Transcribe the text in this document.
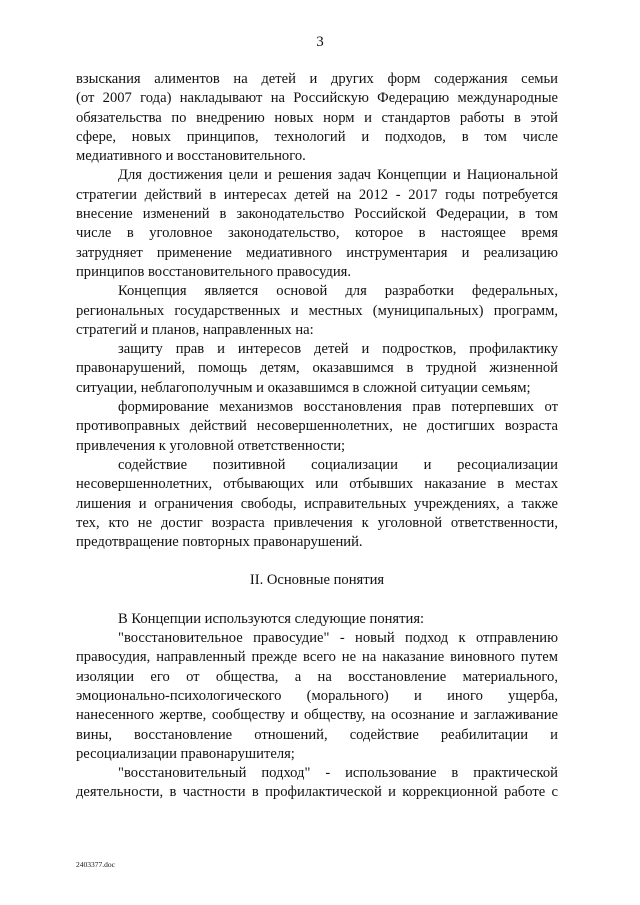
3
взыскания алиментов на детей и других форм содержания семьи
(от 2007 года) накладывают на Российскую Федерацию международные
обязательства по внедрению новых норм и стандартов работы в этой
сфере, новых принципов, технологий и подходов, в том числе
медиативного и восстановительного.
Для достижения цели и решения задач Концепции и Национальной
стратегии действий в интересах детей на 2012 - 2017 годы потребуется
внесение изменений в законодательство Российской Федерации, в том
числе в уголовное законодательство, которое в настоящее время
затрудняет применение медиативного инструментария и реализацию
принципов восстановительного правосудия.
Концепция является основой для разработки федеральных,
региональных государственных и местных (муниципальных) программ,
стратегий и планов, направленных на:
защиту прав и интересов детей и подростков, профилактику
правонарушений, помощь детям, оказавшимся в трудной жизненной
ситуации, неблагополучным и оказавшимся в сложной ситуации семьям;
формирование механизмов восстановления прав потерпевших от
противоправных действий несовершеннолетних, не достигших возраста
привлечения к уголовной ответственности;
содействие позитивной социализации и ресоциализации
несовершеннолетних, отбывающих или отбывших наказание в местах
лишения и ограничения свободы, исправительных учреждениях, а также
тех, кто не достиг возраста привлечения к уголовной ответственности,
предотвращение повторных правонарушений.
II. Основные понятия
В Концепции используются следующие понятия:
"восстановительное правосудие" - новый подход к отправлению
правосудия, направленный прежде всего не на наказание виновного путем
изоляции его от общества, а на восстановление материального,
эмоционально-психологического (морального) и иного ущерба,
нанесенного жертве, сообществу и обществу, на осознание и заглаживание
вины, восстановление отношений, содействие реабилитации и
ресоциализации правонарушителя;
"восстановительный подход" - использование в практической
деятельности, в частности в профилактической и коррекционной работе с
2403377.doc
